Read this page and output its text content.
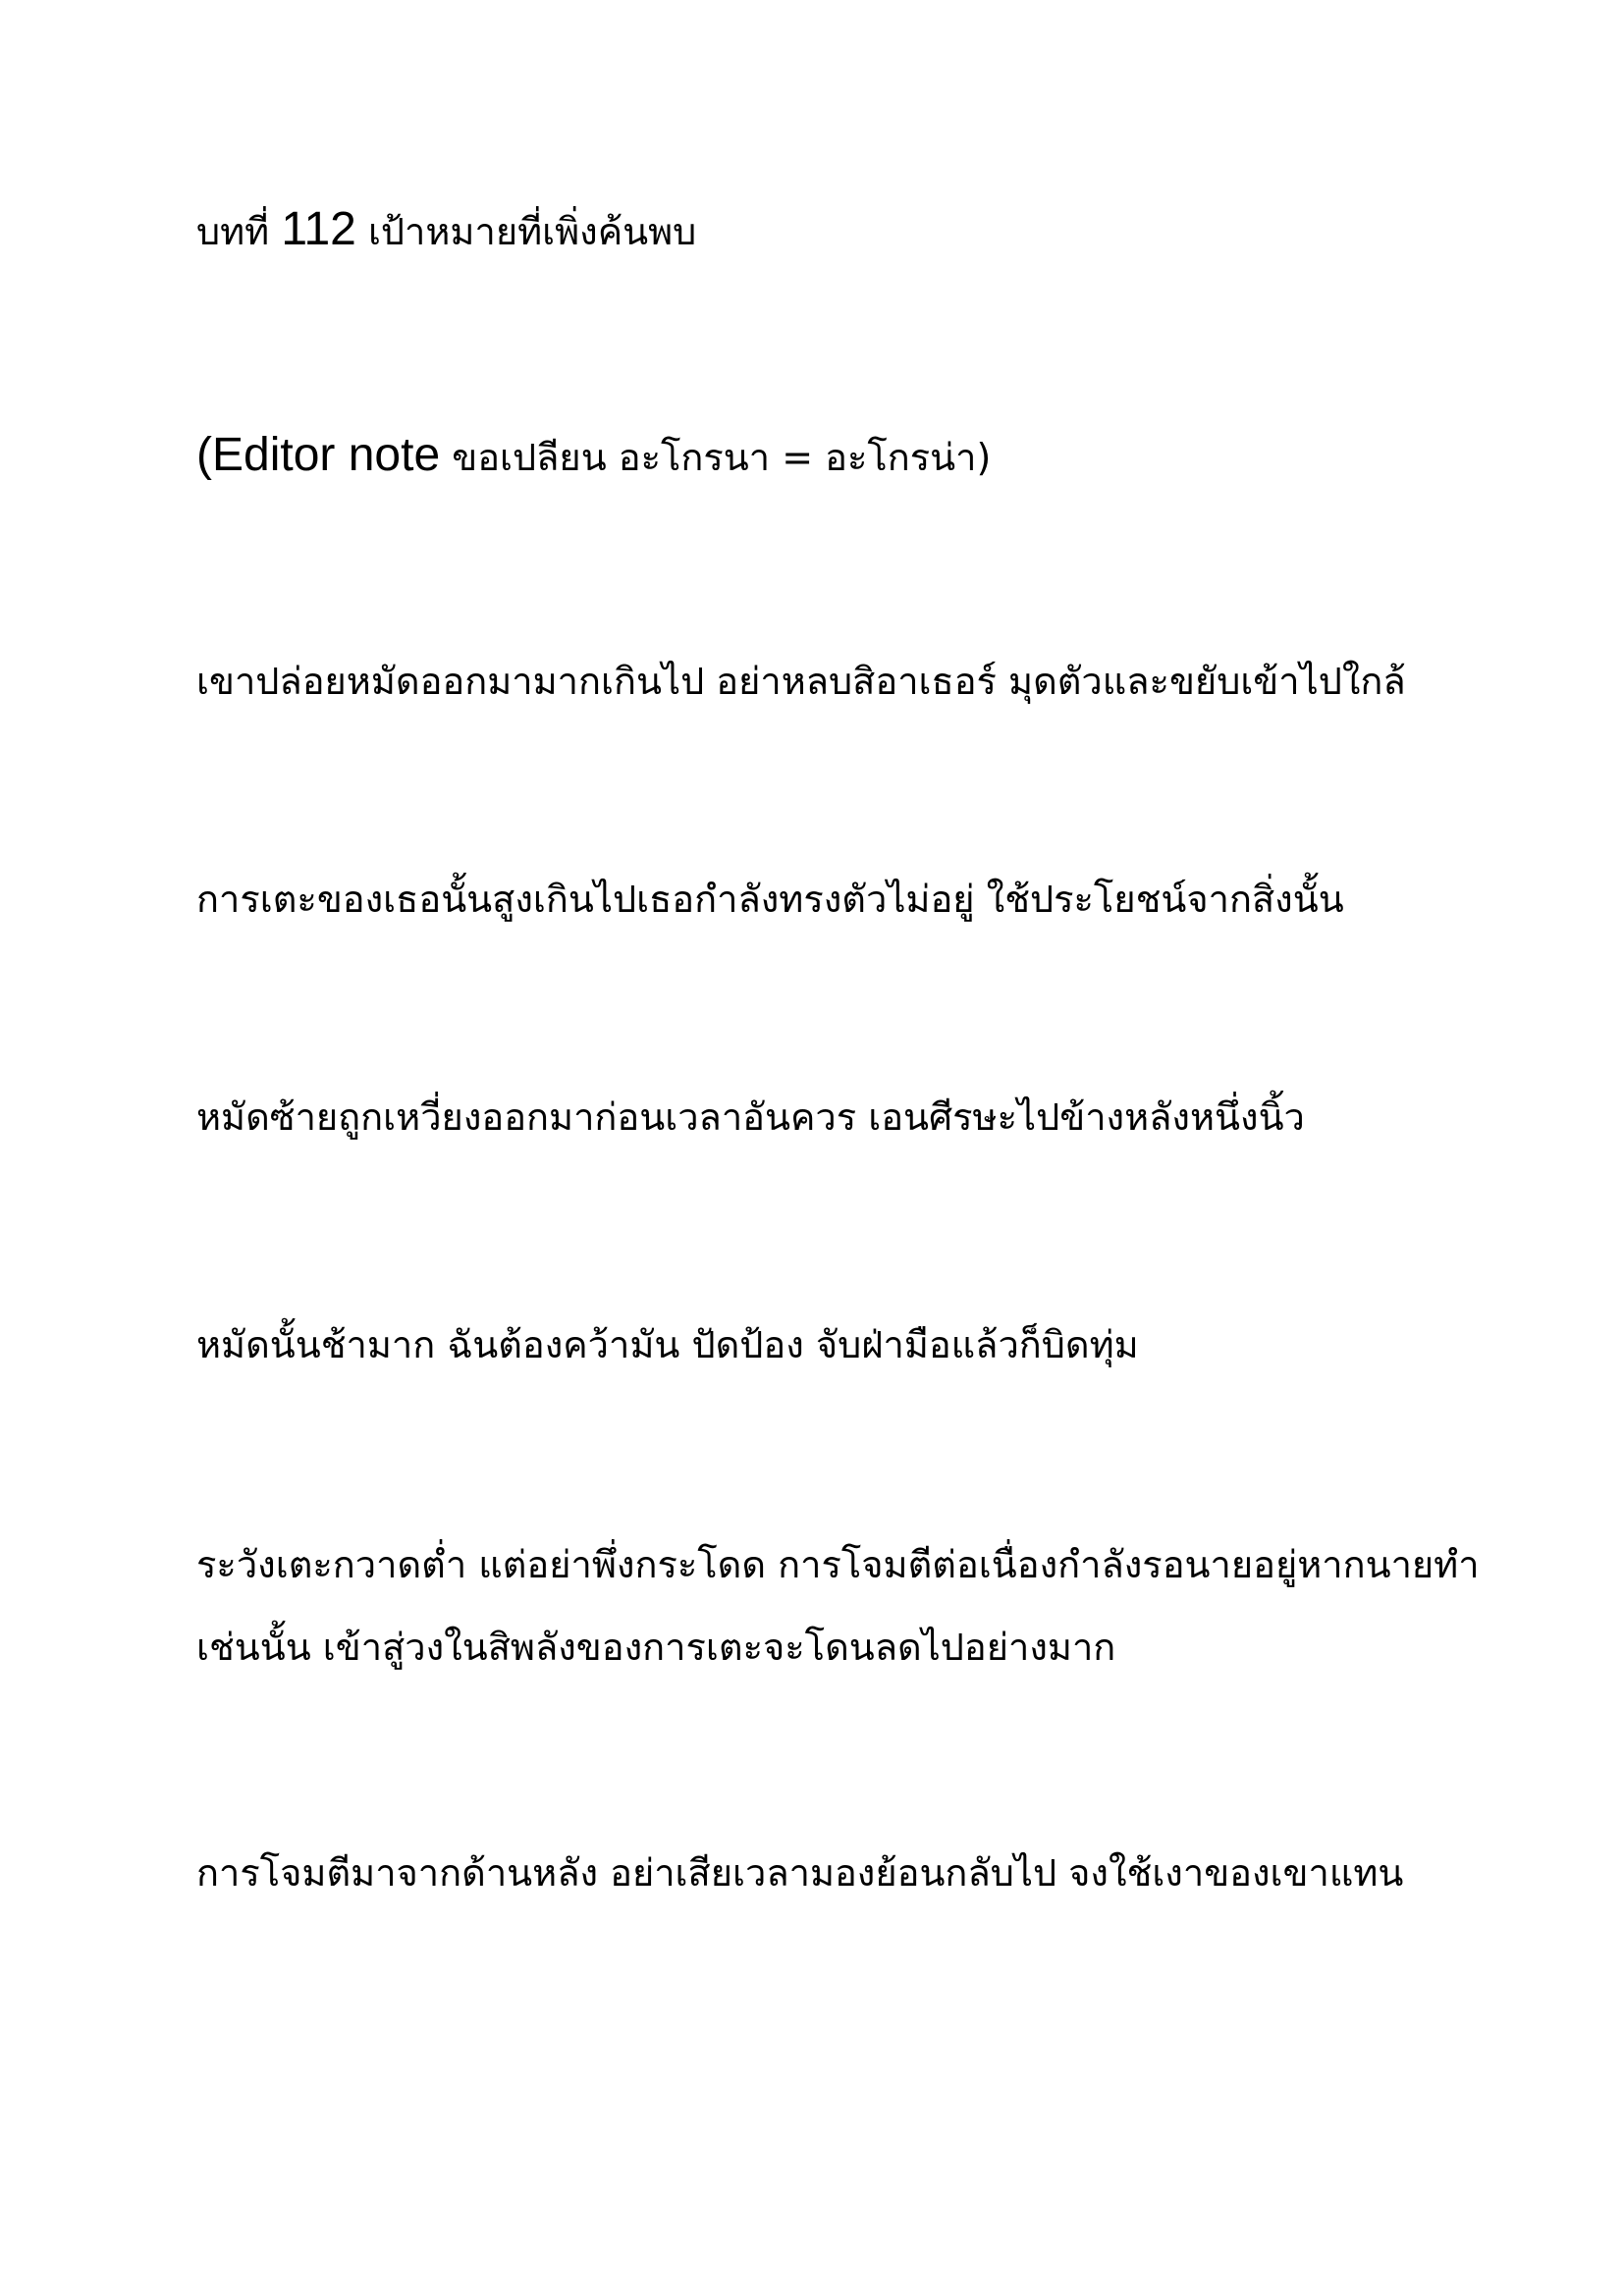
บทที่ 112 เป้าหมายที่เพิ่งค้นพบ
(Editor note ขอเปลียน อะโกรนา = อะโกรน่า)
เขาปล่อยหมัดออกมามากเกินไป อย่าหลบสิอาเธอร์ มุดตัวและขยับเข้าไปใกล้
การเตะของเธอนั้นสูงเกินไปเธอกำลังทรงตัวไม่อยู่ ใช้ประโยชน์จากสิ่งนั้น
หมัดซ้ายถูกเหวี่ยงออกมาก่อนเวลาอันควร เอนศีรษะไปข้างหลังหนึ่งนิ้ว
หมัดนั้นช้ามาก ฉันต้องคว้ามัน ปัดป้อง จับฝ่ามือแล้วก็บิดทุ่ม
ระวังเตะกวาดต่ำ แต่อย่าพึ่งกระโดด การโจมตีต่อเนื่องกำลังรอนายอยู่หากนายทำ
เช่นนั้น เข้าสู่วงในสิพลังของการเตะจะโดนลดไปอย่างมาก
การโจมตีมาจากด้านหลัง อย่าเสียเวลามองย้อนกลับไป จงใช้เงาของเขาแทน
